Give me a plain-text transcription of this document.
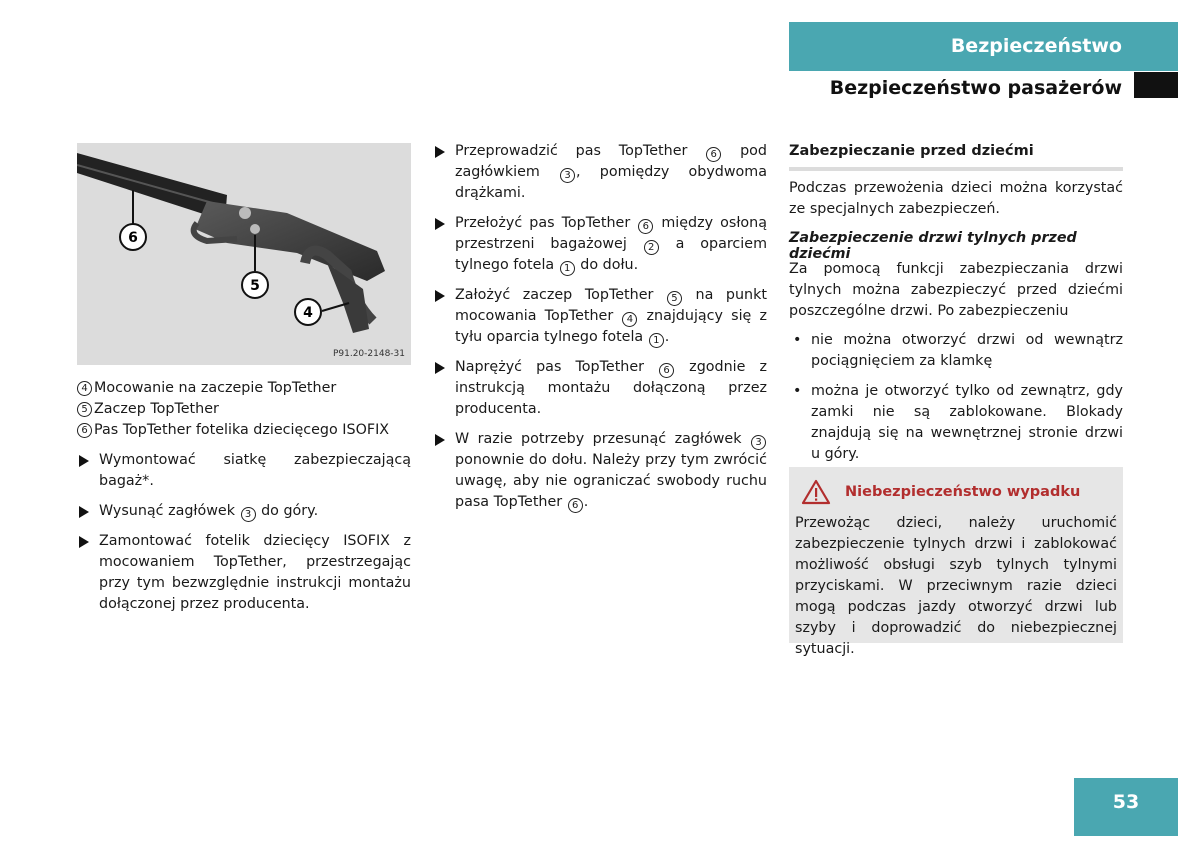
Bezpieczeństwo
Bezpieczeństwo pasażerów
6
5
4
P91.20-2148-31
4 Mocowanie na zaczepie TopTether
5 Zaczep TopTether
6 Pas TopTether fotelika dziecięcego ISOFIX
Wymontować siatkę zabezpieczającą bagaż*.
Wysunąć zagłówek 3 do góry.
Zamontować fotelik dziecięcy ISOFIX z mocowaniem TopTether, przestrzegając przy tym bezwzględnie instrukcji montażu dołączonej przez producenta.
Przeprowadzić pas TopTether 6 pod zagłówkiem 3 , pomiędzy obydwoma drążkami.
Przełożyć pas TopTether 6 między osłoną przestrzeni bagażowej 2 a oparciem tylnego fotela 1 do dołu.
Założyć zaczep TopTether 5 na punkt mocowania TopTether 4 znajdujący się z tyłu oparcia tylnego fotela 1 .
Naprężyć pas TopTether 6 zgodnie z instrukcją montażu dołączoną przez producenta.
W razie potrzeby przesunąć zagłówek 3 ponownie do dołu. Należy przy tym zwrócić uwagę, aby nie ograniczać swobody ruchu pasa TopTether 6 .
Zabezpieczanie przed dziećmi
Podczas przewożenia dzieci można korzystać ze specjalnych zabezpieczeń.
Zabezpieczenie drzwi tylnych przed dziećmi
Za pomocą funkcji zabezpieczania drzwi tylnych można zabezpieczyć przed dziećmi poszczególne drzwi. Po zabezpieczeniu
• nie można otworzyć drzwi od wewnątrz pociągnięciem za klamkę
• można je otworzyć tylko od zewnątrz, gdy zamki nie są zablokowane. Blokady znajdują się na wewnętrznej stronie drzwi u góry.
Niebezpieczeństwo wypadku
Przewożąc dzieci, należy uruchomić zabezpieczenie tylnych drzwi i zablokować możliwość obsługi szyb tylnych tylnymi przyciskami. W przeciwnym razie dzieci mogą podczas jazdy otworzyć drzwi lub szyby i doprowadzić do niebezpiecznej sytuacji.
53
